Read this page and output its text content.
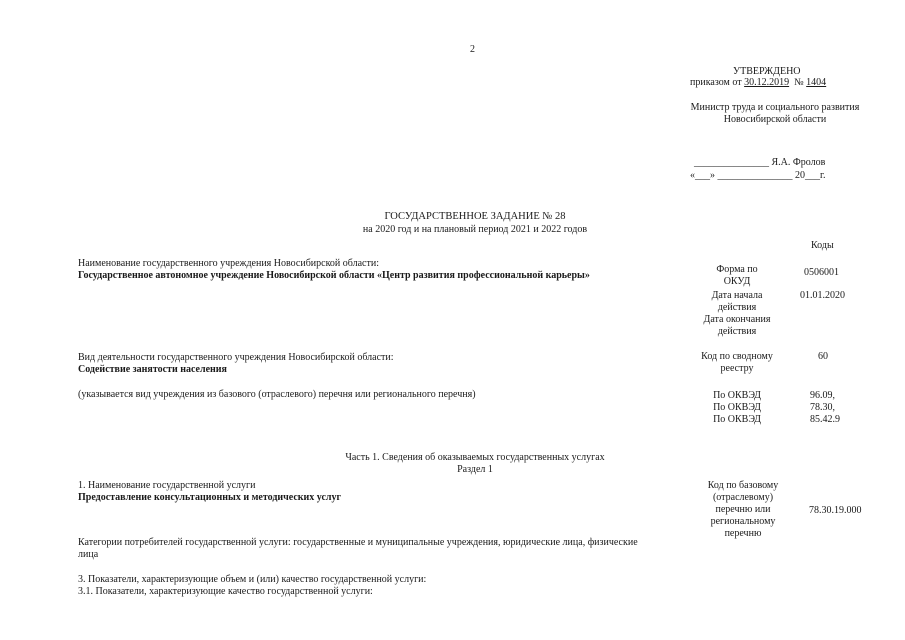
2
УТВЕРЖДЕНО
приказом от 30.12.2019 № 1404
Министр труда и социального развития
Новосибирской области
_______________ Я.А. Фролов
«___» _______________ 20___г.
ГОСУДАРСТВЕННОЕ ЗАДАНИЕ № 28
на 2020 год и на плановый период 2021 и 2022 годов
Коды
Наименование государственного учреждения Новосибирской области:
Государственное автономное учреждение Новосибирской области «Центр развития профессиональной карьеры»
Форма по
ОКУД
0506001
Дата начала
действия
01.01.2020
Дата окончания
действия
Вид деятельности государственного учреждения Новосибирской области:
Содействие занятости населения
Код по сводному
реестру
60
(указывается вид учреждения из базового (отраслевого) перечня или регионального перечня)	По ОКВЭД
По ОКВЭД
По ОКВЭД
96.09,
78.30,
85.42.9
Часть 1. Сведения об оказываемых государственных услугах
Раздел 1
1. Наименование государственной услуги
Предоставление консультационных и методических услуг
Код по базовому
(отраслевому)
перечню или
региональному
перечню
78.30.19.000
Категории потребителей государственной услуги: государственные и муниципальные учреждения, юридические лица, физические
лица
3. Показатели, характеризующие объем и (или) качество государственной услуги:
3.1. Показатели, характеризующие качество государственной услуги:
